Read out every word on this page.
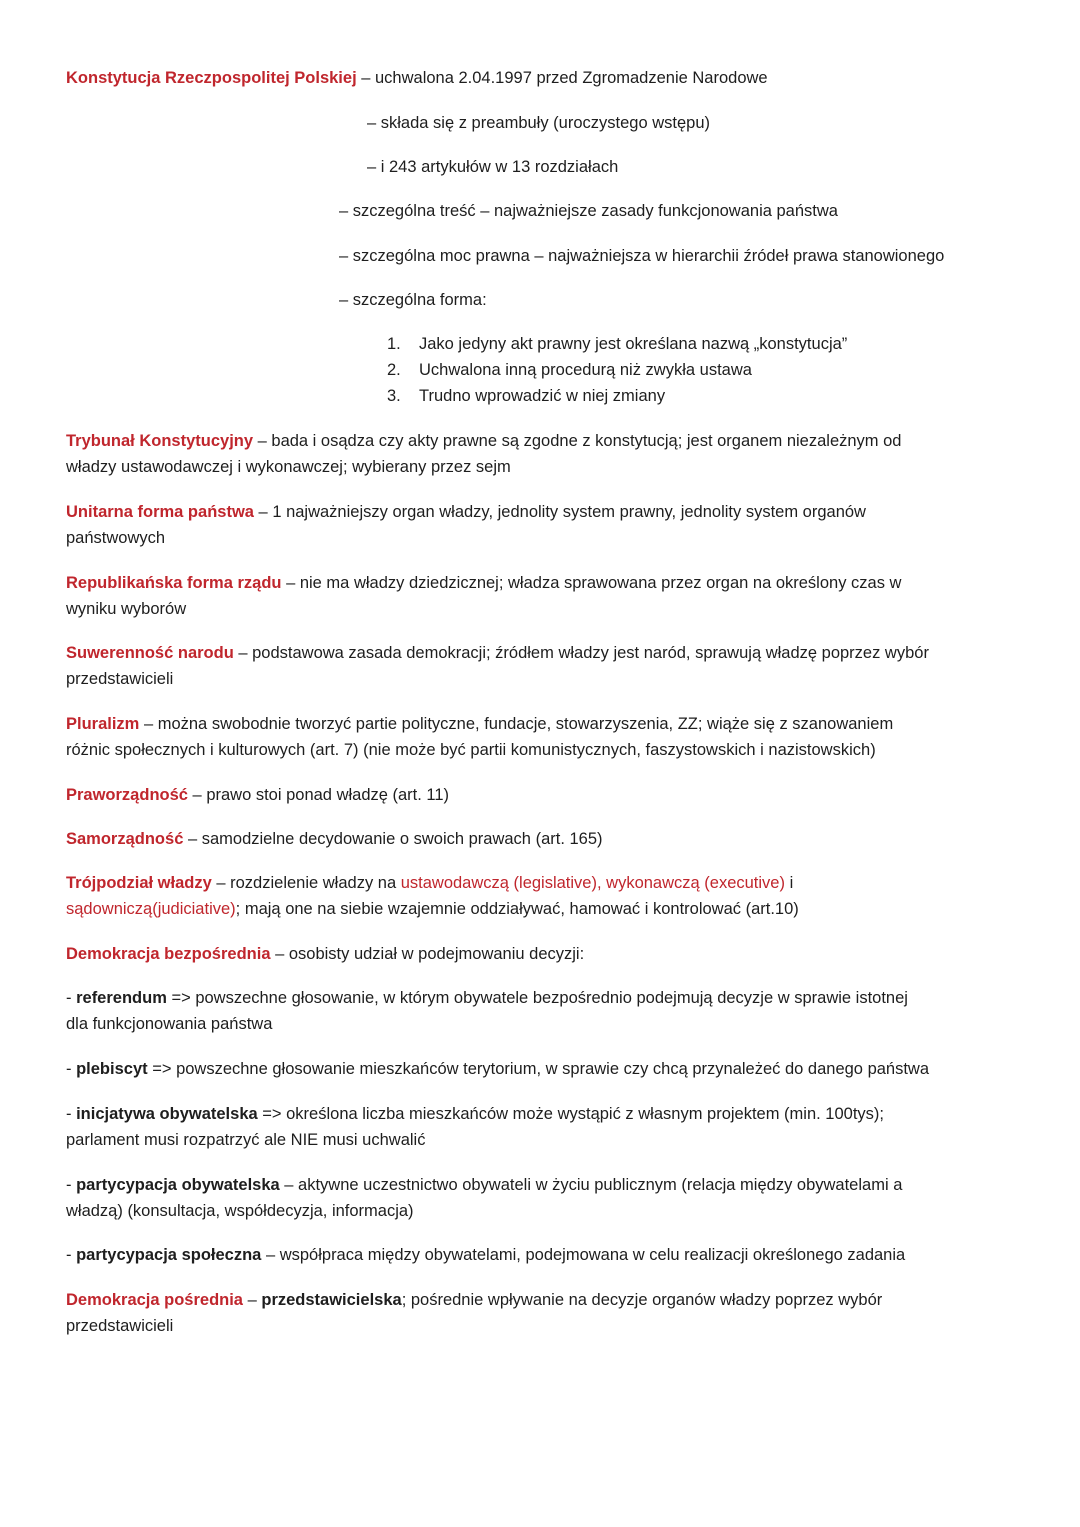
Konstytucja Rzeczpospolitej Polskiej – uchwalona 2.04.1997 przed Zgromadzenie Narodowe
– składa się z preambuły (uroczystego wstępu)
– i 243 artykułów w 13 rozdziałach
– szczególna treść – najważniejsze zasady funkcjonowania państwa
– szczególna moc prawna – najważniejsza w hierarchii źródeł prawa stanowionego
– szczególna forma:
1. Jako jedyny akt prawny jest określana nazwą „konstytucja”
2. Uchwalona inną procedurą niż zwykła ustawa
3. Trudno wprowadzić w niej zmiany
Trybunał Konstytucyjny – bada i osądza czy akty prawne są zgodne z konstytucją; jest organem niezależnym od
władzy ustawodawczej i wykonawczej; wybierany przez sejm
Unitarna forma państwa – 1 najważniejszy organ władzy, jednolity system prawny, jednolity system organów
państwowych
Republikańska forma rządu – nie ma władzy dziedzicznej; władza sprawowana przez organ na określony czas w
wyniku wyborów
Suwerenność narodu – podstawowa zasada demokracji; źródłem władzy jest naród, sprawują władzę poprzez wybór
przedstawicieli
Pluralizm – można swobodnie tworzyć partie polityczne, fundacje, stowarzyszenia, ZZ; wiąże się z szanowaniem
różnic społecznych i kulturowych (art. 7) (nie może być partii komunistycznych, faszystowskich i nazistowskich)
Praworządność – prawo stoi ponad władzę (art. 11)
Samorządność – samodzielne decydowanie o swoich prawach (art. 165)
Trójpodział władzy – rozdzielenie władzy na ustawodawczą (legislative), wykonawczą (executive) i
sądowniczą(judiciative); mają one na siebie wzajemnie oddziaływać, hamować i kontrolować (art.10)
Demokracja bezpośrednia – osobisty udział w podejmowaniu decyzji:
- referendum => powszechne głosowanie, w którym obywatele bezpośrednio podejmują decyzje w sprawie istotnej
dla funkcjonowania państwa
- plebiscyt => powszechne głosowanie mieszkańców terytorium, w sprawie czy chcą przynależeć do danego państwa
- inicjatywa obywatelska => określona liczba mieszkańców może wystąpić z własnym projektem (min. 100tys);
parlament musi rozpatrzyć ale NIE musi uchwalić
- partycypacja obywatelska – aktywne uczestnictwo obywateli w życiu publicznym (relacja między obywatelami a
władzą) (konsultacja, współdecyzja, informacja)
- partycypacja społeczna – współpraca między obywatelami, podejmowana w celu realizacji określonego zadania
Demokracja pośrednia – przedstawicielska; pośrednie wpływanie na decyzje organów władzy poprzez wybór
przedstawicieli
